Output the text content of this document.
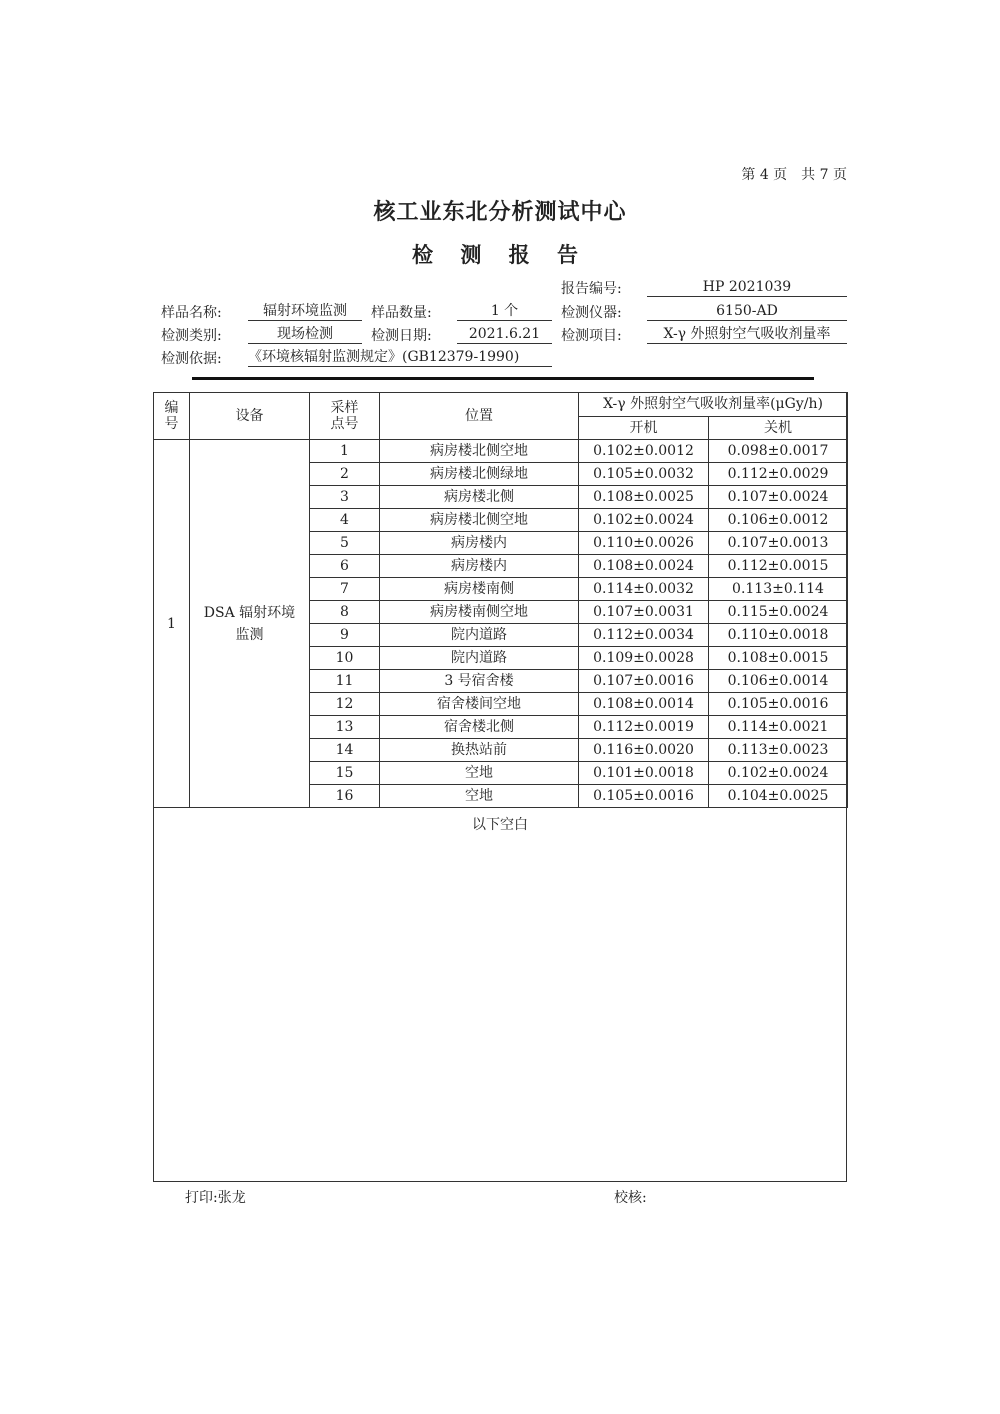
第 4 页　共 7 页
核工业东北分析测试中心
检 测 报 告
报告编号:	HP 2021039
样品名称:	辐射环境监测	样品数量:	1 个	检测仪器:	6150-AD
检测类别:	现场检测	检测日期:	2021.6.21	检测项目:	X-γ 外照射空气吸收剂量率
检测依据: 《环境核辐射监测规定》(GB12379-1990)
编号	设备	采样点号	位置	X-γ 外照射空气吸收剂量率(μGy/h)	
				开机	关机
1	DSA 辐射环境监测	1	病房楼北侧空地	0.102±0.0012	0.098±0.0017
		2	病房楼北侧绿地	0.105±0.0032	0.112±0.0029
		3	病房楼北侧	0.108±0.0025	0.107±0.0024
		4	病房楼北侧空地	0.102±0.0024	0.106±0.0012
		5	病房楼内	0.110±0.0026	0.107±0.0013
		6	病房楼内	0.108±0.0024	0.112±0.0015
		7	病房楼南侧	0.114±0.0032	0.113±0.114
		8	病房楼南侧空地	0.107±0.0031	0.115±0.0024
		9	院内道路	0.112±0.0034	0.110±0.0018
		10	院内道路	0.109±0.0028	0.108±0.0015
		11	3 号宿舍楼	0.107±0.0016	0.106±0.0014
		12	宿舍楼间空地	0.108±0.0014	0.105±0.0016
		13	宿舍楼北侧	0.112±0.0019	0.114±0.0021
		14	换热站前	0.116±0.0020	0.113±0.0023
		15	空地	0.101±0.0018	0.102±0.0024
		16	空地	0.105±0.0016	0.104±0.0025
以下空白
打印:张龙	校核:
